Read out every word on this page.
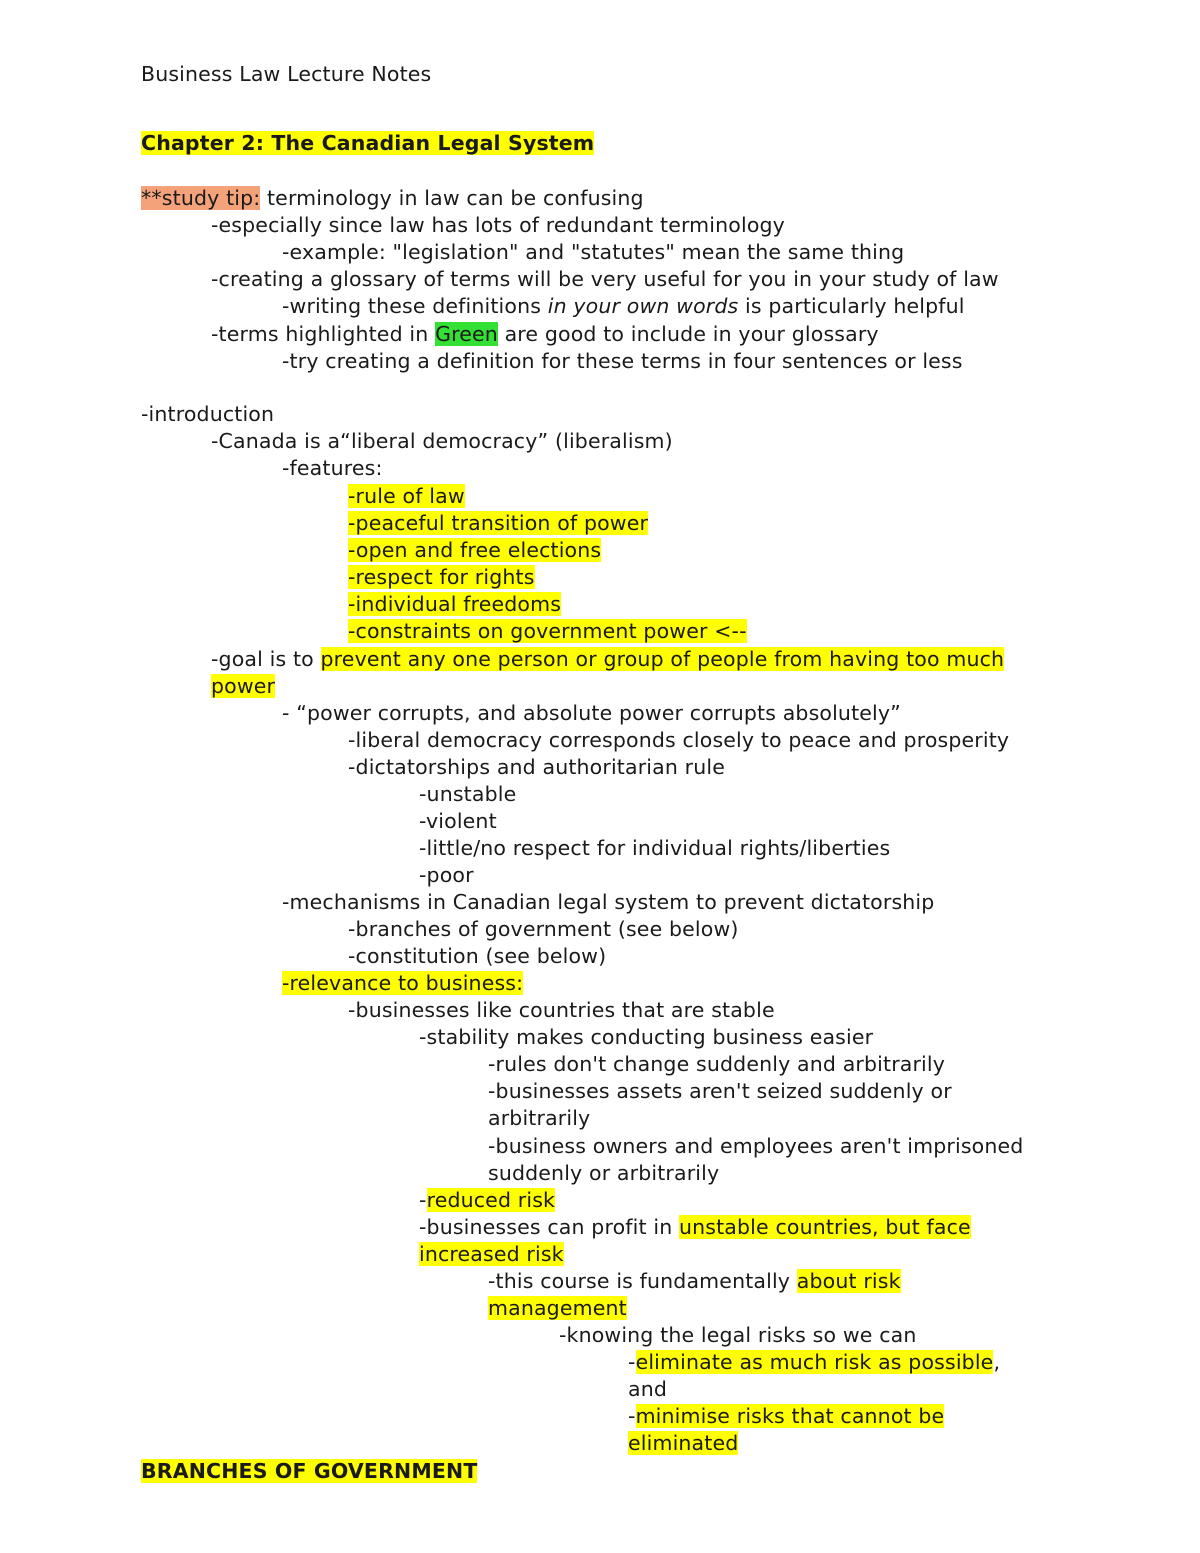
Business Law Lecture Notes
Chapter 2: The Canadian Legal System
**study tip: terminology in law can be confusing
-especially since law has lots of redundant terminology
-example: "legislation" and "statutes" mean the same thing
-creating a glossary of terms will be very useful for you in your study of law
-writing these definitions in your own words is particularly helpful
-terms highlighted in Green are good to include in your glossary
-try creating a definition for these terms in four sentences or less
-introduction
-Canada is a“liberal democracy” (liberalism)
-features:
-rule of law
-peaceful transition of power
-open and free elections
-respect for rights
-individual freedoms
-constraints on government power <--
-goal is to prevent any one person or group of people from having too much
power
- “power corrupts, and absolute power corrupts absolutely”
-liberal democracy corresponds closely to peace and prosperity
-dictatorships and authoritarian rule
-unstable
-violent
-little/no respect for individual rights/liberties
-poor
-mechanisms in Canadian legal system to prevent dictatorship
-branches of government (see below)
-constitution (see below)
-relevance to business:
-businesses like countries that are stable
-stability makes conducting business easier
-rules don't change suddenly and arbitrarily
-businesses assets aren't seized suddenly or
arbitrarily
-business owners and employees aren't imprisoned
suddenly or arbitrarily
-reduced risk
-businesses can profit in unstable countries, but face
increased risk
-this course is fundamentally about risk
management
-knowing the legal risks so we can
-eliminate as much risk as possible,
and
-minimise risks that cannot be
eliminated
BRANCHES OF GOVERNMENT
